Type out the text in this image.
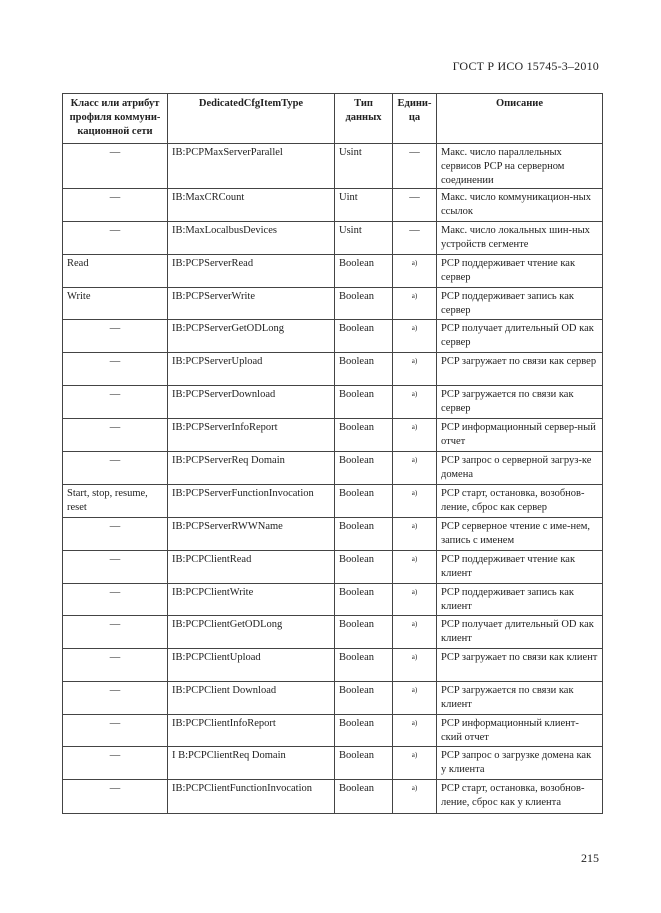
ГОСТ Р ИСО 15745-3–2010
Класс или атрибут профиля коммуни-кационной сети	DedicatedCfgItemType	Тип данных	Едини-ца	Описание
—	IB:PCPMaxServerParallel	Usint	—	Макс. число параллельных сервисов PCP на серверном соединении
—	IB:MaxCRCount	Uint	—	Макс. число коммуникацион-ных ссылок
—	IB:MaxLocalbusDevices	Usint	—	Макс. число локальных шин-ных устройств сегменте
Read	IB:PCPServerRead	Boolean	$^{а)}$	PCP поддерживает чтение как сервер
Write	IB:PCPServerWrite	Boolean	$^{а)}$	PCP поддерживает запись как сервер
—	IB:PCPServerGetODLong	Boolean	$^{а)}$	PCP получает длительный OD как сервер
—	IB:PCPServerUpload	Boolean	$^{а)}$	PCP загружает по связи как сервер
—	IB:PCPServerDownload	Boolean	$^{а)}$	PCP загружается по связи как сервер
—	IB:PCPServerInfoReport	Boolean	$^{а)}$	PCP информационный сервер-ный отчет
—	IB:PCPServerReq Domain	Boolean	$^{а)}$	PCP запрос о серверной загруз-ке домена
Start, stop, resume, reset	IB:PCPServerFunctionInvocation	Boolean	$^{а)}$	PCP старт, остановка, возобнов-ление, сброс как сервер
—	IB:PCPServerRWWName	Boolean	$^{а)}$	PCP серверное чтение с име-нем, запись с именем
—	IB:PCPClientRead	Boolean	$^{а)}$	PCP поддерживает чтение как клиент
—	IB:PCPClientWrite	Boolean	$^{а)}$	PCP поддерживает запись как клиент
—	IB:PCPClientGetODLong	Boolean	$^{а)}$	PCP получает длительный OD как клиент
—	IB:PCPClientUpload	Boolean	$^{а)}$	PCP загружает по связи как клиент
—	IB:PCPClient Download	Boolean	$^{а)}$	PCP загружается по связи как клиент
—	IB:PCPClientInfoReport	Boolean	$^{а)}$	PCP информационный клиент-ский отчет
—	I B:PCPClientReq Domain	Boolean	$^{а)}$	PCP запрос о загрузке домена как у клиента
—	IB:PCPClientFunctionInvocation	Boolean	$^{а)}$	PCP старт, остановка, возобнов-ление, сброс как у клиента
215
